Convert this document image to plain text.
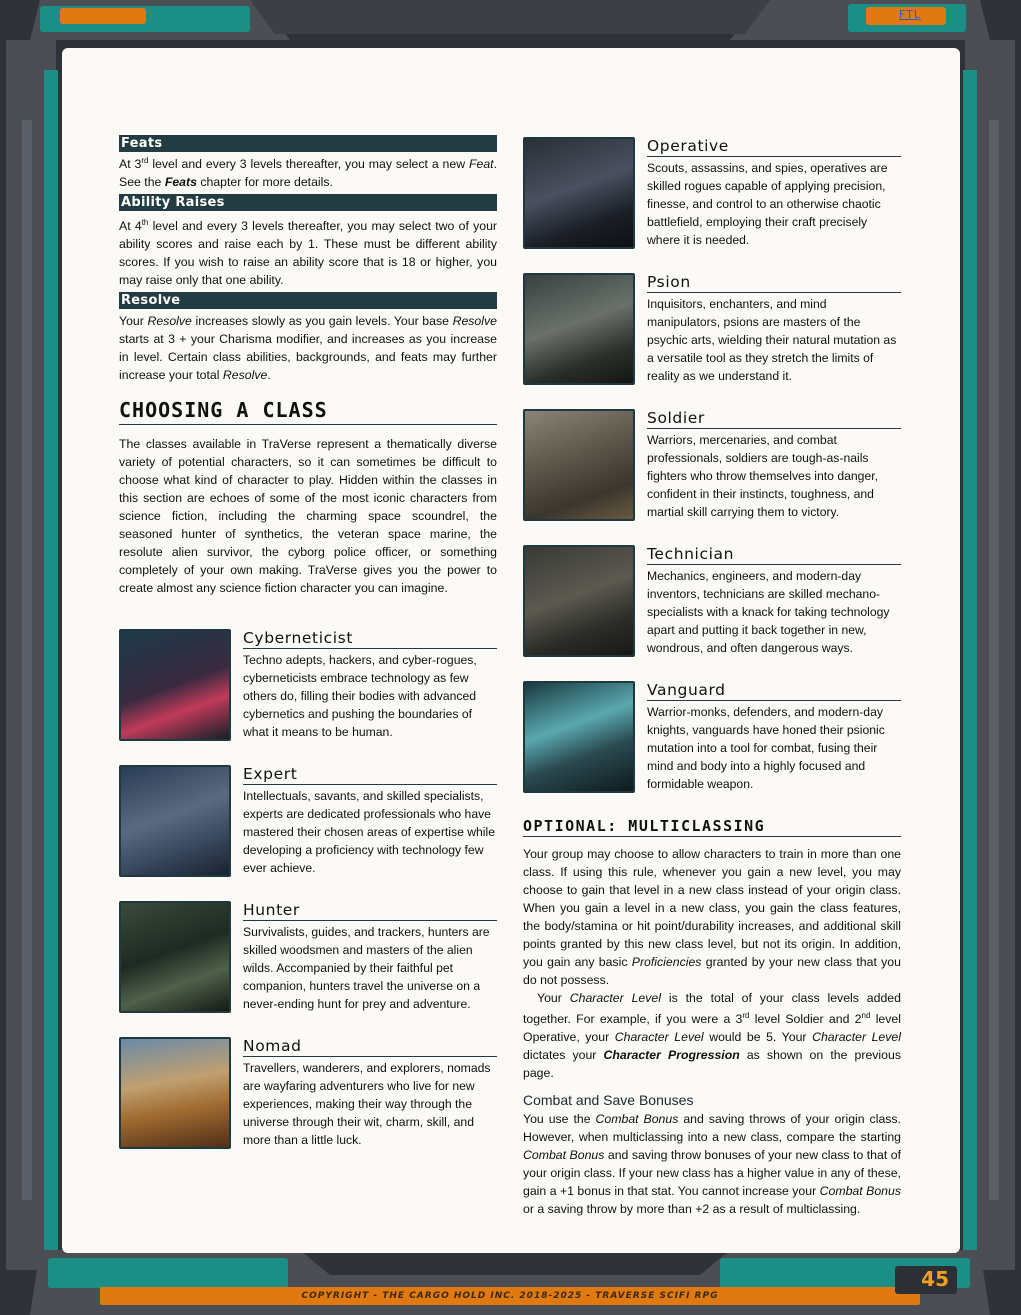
FTL
COPYRIGHT - THE CARGO HOLD INC. 2018-2025 - TRAVERSE SCIFI RPG
45
Feats

At 3rd level and every 3 levels thereafter, you may select a new Feat. See the Feats chapter for more details.

Ability Raises

At 4th level and every 3 levels thereafter, you may select two of your ability scores and raise each by 1. These must be different ability scores. If you wish to raise an ability score that is 18 or higher, you may raise only that one ability.

Resolve

Your Resolve increases slowly as you gain levels. Your base Resolve starts at 3 + your Charisma modifier, and increases as you increase in level. Certain class abilities, backgrounds, and feats may further increase your total Resolve.

CHOOSING A CLASS

The classes available in TraVerse represent a thematically diverse variety of potential characters, so it can sometimes be difficult to choose what kind of character to play. Hidden within the classes in this section are echoes of some of the most iconic characters from science fiction, including the charming space scoundrel, the seasoned hunter of synthetics, the veteran space marine, the resolute alien survivor, the cyborg police officer, or something completely of your own making. TraVerse gives you the power to create almost any science fiction character you can imagine.

Cyberneticist

Techno adepts, hackers, and cyber-rogues, cyberneticists embrace technology as few others do, filling their bodies with advanced cybernetics and pushing the boundaries of what it means to be human.

Expert

Intellectuals, savants, and skilled specialists, experts are dedicated professionals who have mastered their chosen areas of expertise while developing a proficiency with technology few ever achieve.

Hunter

Survivalists, guides, and trackers, hunters are skilled woodsmen and masters of the alien wilds. Accompanied by their faithful pet companion, hunters travel the universe on a never-ending hunt for prey and adventure.

Nomad

Travellers, wanderers, and explorers, nomads are wayfaring adventurers who live for new experiences, making their way through the universe through their wit, charm, skill, and more than a little luck.

Operative

Scouts, assassins, and spies, operatives are skilled rogues capable of applying precision, finesse, and control to an otherwise chaotic battlefield, employing their craft precisely where it is needed.

Psion

Inquisitors, enchanters, and mind manipulators, psions are masters of the psychic arts, wielding their natural mutation as a versatile tool as they stretch the limits of reality as we understand it.

Soldier

Warriors, mercenaries, and combat professionals, soldiers are tough-as-nails fighters who throw themselves into danger, confident in their instincts, toughness, and martial skill carrying them to victory.

Technician

Mechanics, engineers, and modern-day inventors, technicians are skilled mechano-specialists with a knack for taking technology apart and putting it back together in new, wondrous, and often dangerous ways.

Vanguard

Warrior-monks, defenders, and modern-day knights, vanguards have honed their psionic mutation into a tool for combat, fusing their mind and body into a highly focused and formidable weapon.

OPTIONAL: MULTICLASSING

Your group may choose to allow characters to train in more than one class. If using this rule, whenever you gain a new level, you may choose to gain that level in a new class instead of your origin class. When you gain a level in a new class, you gain the class features, the body/stamina or hit point/durability increases, and additional skill points granted by this new class level, but not its origin. In addition, you gain any basic Proficiencies granted by your new class that you do not possess.

Your Character Level is the total of your class levels added together. For example, if you were a 3rd level Soldier and 2nd level Operative, your Character Level would be 5. Your Character Level dictates your Character Progression as shown on the previous page.

Combat and Save Bonuses

You use the Combat Bonus and saving throws of your origin class. However, when multiclassing into a new class, compare the starting Combat Bonus and saving throw bonuses of your new class to that of your origin class. If your new class has a higher value in any of these, gain a +1 bonus in that stat. You cannot increase your Combat Bonus or a saving throw by more than +2 as a result of multiclassing.
